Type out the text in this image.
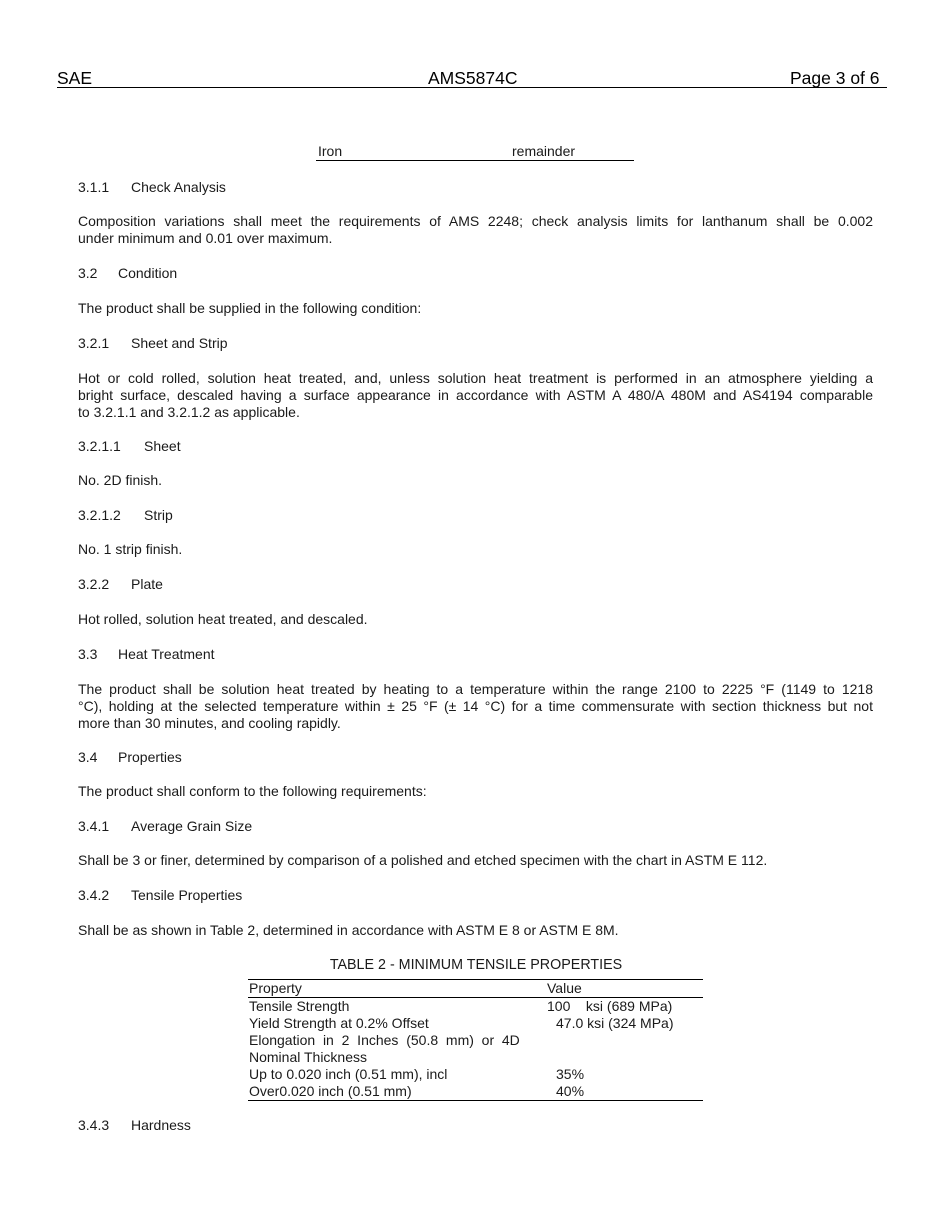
SAE	AMS5874C	Page 3 of 6
Iron	remainder
3.1.1 Check Analysis
Composition variations shall meet the requirements of AMS 2248; check analysis limits for lanthanum shall be 0.002
under minimum and 0.01 over maximum.
3.2 Condition
The product shall be supplied in the following condition:
3.2.1 Sheet and Strip
Hot or cold rolled, solution heat treated, and, unless solution heat treatment is performed in an atmosphere yielding a
bright surface, descaled having a surface appearance in accordance with ASTM A 480/A 480M and AS4194 comparable
to 3.2.1.1 and 3.2.1.2 as applicable.
3.2.1.1 Sheet
No. 2D finish.
3.2.1.2 Strip
No. 1 strip finish.
3.2.2 Plate
Hot rolled, solution heat treated, and descaled.
3.3 Heat Treatment
The product shall be solution heat treated by heating to a temperature within the range 2100 to 2225 °F (1149 to 1218
°C), holding at the selected temperature within ± 25 °F (± 14 °C) for a time commensurate with section thickness but not
more than 30 minutes, and cooling rapidly.
3.4 Properties
The product shall conform to the following requirements:
3.4.1 Average Grain Size
Shall be 3 or finer, determined by comparison of a polished and etched specimen with the chart in ASTM E 112.
3.4.2 Tensile Properties
Shall be as shown in Table 2, determined in accordance with ASTM E 8 or ASTM E 8M.
TABLE 2 - MINIMUM TENSILE PROPERTIES
Property	Value
Tensile Strength	100    ksi (689 MPa)
Yield Strength at 0.2% Offset	47.0 ksi (324 MPa)
Elongation  in  2  Inches  (50.8  mm)  or  4D
Nominal Thickness
Up to 0.020 inch (0.51 mm), incl	35%
Over0.020 inch (0.51 mm)	40%
3.4.3 Hardness
